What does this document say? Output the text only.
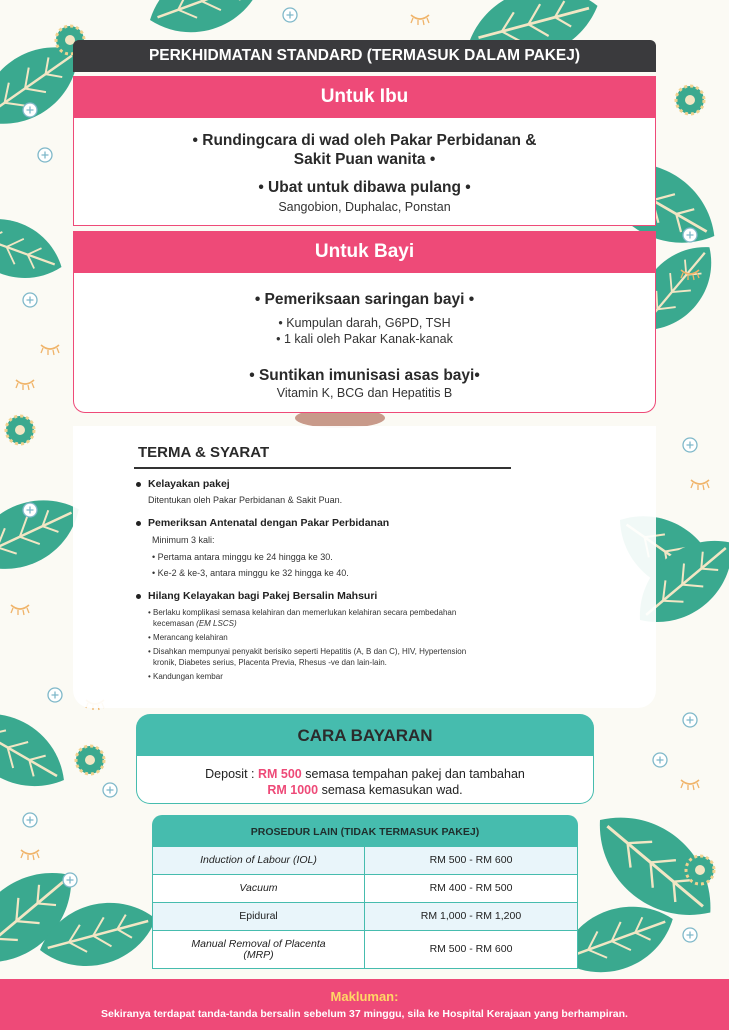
PERKHIDMATAN STANDARD (TERMASUK DALAM PAKEJ)
Untuk Ibu
• Rundingcara di wad oleh Pakar Perbidanan &
Sakit Puan wanita •
• Ubat untuk dibawa pulang •
Sangobion, Duphalac, Ponstan
Untuk Bayi
• Pemeriksaan saringan bayi •
• Kumpulan darah, G6PD, TSH
• 1 kali oleh Pakar Kanak-kanak
• Suntikan imunisasi asas bayi•
Vitamin K, BCG dan Hepatitis B
TERMA & SYARAT
Kelayakan pakej
Ditentukan oleh Pakar Perbidanan & Sakit Puan.
Pemeriksan Antenatal dengan Pakar Perbidanan
Minimum 3 kali:
• Pertama antara minggu ke 24 hingga ke 30.
• Ke-2 & ke-3, antara minggu ke 32 hingga ke 40.
Hilang Kelayakan bagi Pakej Bersalin Mahsuri
• Berlaku komplikasi semasa kelahiran dan memerlukan kelahiran secara pembedahan
kecemasan (EM LSCS)
• Merancang kelahiran
• Disahkan mempunyai penyakit berisiko seperti Hepatitis (A, B dan C), HIV, Hypertension
kronik, Diabetes serius, Placenta Previa, Rhesus -ve dan lain-lain.
• Kandungan kembar
CARA BAYARAN
Deposit : RM 500 semasa tempahan pakej dan tambahan
RM 1000 semasa kemasukan wad.
PROSEDUR LAIN (TIDAK TERMASUK PAKEJ)
Induction of Labour (IOL)	RM 500 - RM 600
Vacuum	RM 400 - RM 500
Epidural	RM 1,000 - RM 1,200
Manual Removal of Placenta
(MRP)	RM 500 - RM 600
Makluman:
Sekiranya terdapat tanda-tanda bersalin sebelum 37 minggu, sila ke Hospital Kerajaan yang berhampiran.
